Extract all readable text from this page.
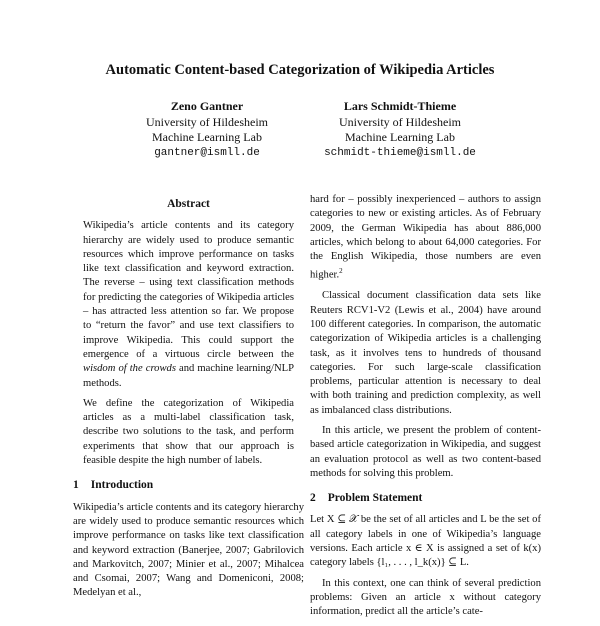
Automatic Content-based Categorization of Wikipedia Articles
Zeno Gantner
University of Hildesheim
Machine Learning Lab
gantner@ismll.de
Lars Schmidt-Thieme
University of Hildesheim
Machine Learning Lab
schmidt-thieme@ismll.de
Abstract

Wikipedia’s article contents and its category hierarchy are widely used to produce semantic resources which improve performance on tasks like text classification and keyword extraction. The reverse – using text classification methods for predicting the categories of Wikipedia articles – has attracted less attention so far. We propose to “return the favor” and use text classifiers to improve Wikipedia. This could support the emergence of a virtuous circle between the wisdom of the crowds and machine learning/NLP methods.

We define the categorization of Wikipedia articles as a multi-label classification task, describe two solutions to the task, and perform experiments that show that our approach is feasible despite the high number of labels.

1 Introduction

Wikipedia’s article contents and its category hierarchy are widely used to produce semantic resources which improve performance on tasks like text classification and keyword extraction (Banerjee, 2007; Gabrilovich and Markovitch, 2007; Minier et al., 2007; Mihalcea and Csomai, 2007; Wang and Domeniconi, 2008; Medelyan et al.,

hard for – possibly inexperienced – authors to assign categories to new or existing articles. As of February 2009, the German Wikipedia has about 886,000 articles, which belong to about 64,000 categories. For the English Wikipedia, those numbers are even higher.$^2$

Classical document classification data sets like Reuters RCV1-V2 (Lewis et al., 2004) have around 100 different categories. In comparison, the automatic categorization of Wikipedia articles is a challenging task, as it involves tens to hundreds of thousand categories. For such large-scale classification problems, particular attention is necessary to deal with both training and prediction complexity, as well as imbalanced class distributions.

In this article, we present the problem of content-based article categorization in Wikipedia, and suggest an evaluation protocol as well as two content-based methods for solving this problem.

2 Problem Statement

Let X ⊆ 𝒳 be the set of all articles and L be the set of all category labels in one of Wikipedia’s language versions. Each article x ∈ X is assigned a set of k(x) category labels {l₁, . . . , l_k(x)} ⊆ L.

In this context, one can think of several prediction problems: Given an article x without category information, predict all the article’s cate-
